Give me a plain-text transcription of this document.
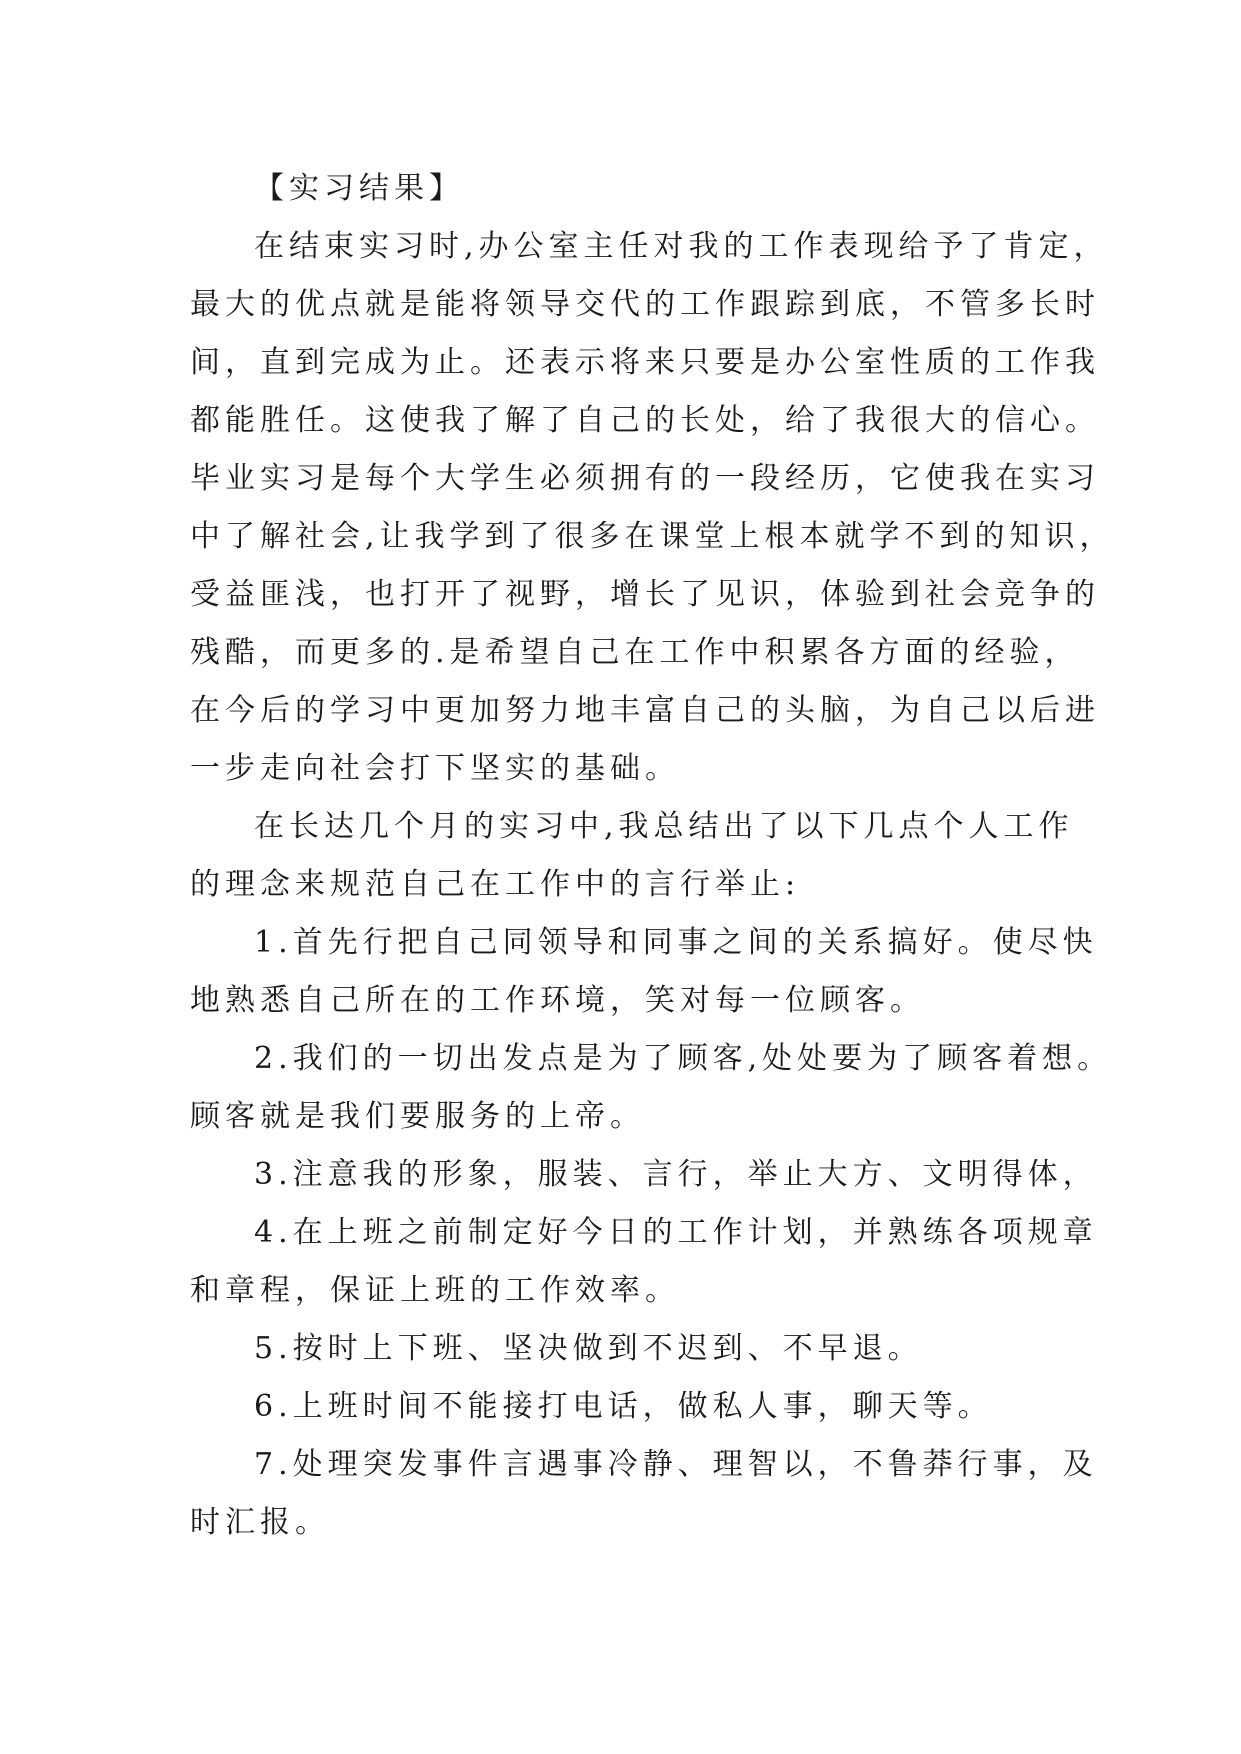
【实习结果】
在结束实习时,办公室主任对我的工作表现给予了肯定，
最大的优点就是能将领导交代的工作跟踪到底，不管多长时
间，直到完成为止。还表示将来只要是办公室性质的工作我
都能胜任。这使我了解了自己的长处，给了我很大的信心。
毕业实习是每个大学生必须拥有的一段经历，它使我在实习
中了解社会,让我学到了很多在课堂上根本就学不到的知识，
受益匪浅，也打开了视野，增长了见识，体验到社会竞争的
残酷，而更多的.是希望自己在工作中积累各方面的经验，
在今后的学习中更加努力地丰富自己的头脑，为自己以后进
一步走向社会打下坚实的基础。
在长达几个月的实习中,我总结出了以下几点个人工作
的理念来规范自己在工作中的言行举止:
1.首先行把自己同领导和同事之间的关系搞好。使尽快
地熟悉自己所在的工作环境，笑对每一位顾客。
2.我们的一切出发点是为了顾客,处处要为了顾客着想。
顾客就是我们要服务的上帝。
3.注意我的形象，服装、言行，举止大方、文明得体，
4.在上班之前制定好今日的工作计划，并熟练各项规章
和章程，保证上班的工作效率。
5.按时上下班、坚决做到不迟到、不早退。
6.上班时间不能接打电话，做私人事，聊天等。
7.处理突发事件言遇事冷静、理智以，不鲁莽行事，及
时汇报。
